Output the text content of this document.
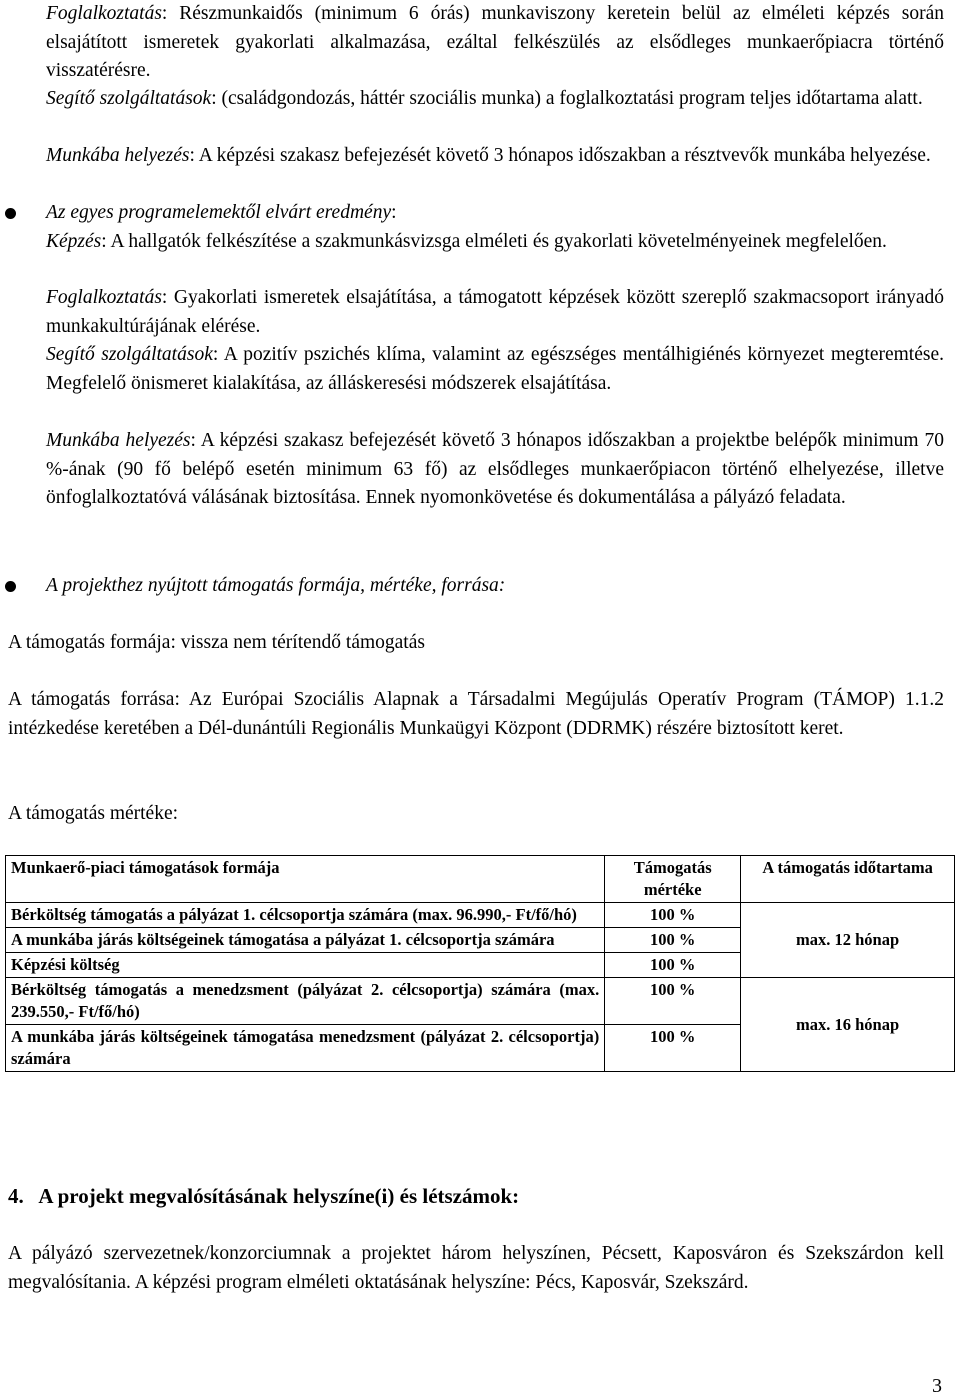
Foglalkoztatás: Részmunkaidős (minimum 6 órás) munkaviszony keretein belül az elméleti képzés során elsajátított ismeretek gyakorlati alkalmazása, ezáltal felkészülés az elsődleges munkaerőpiacra történő visszatérésre.

Segítő szolgáltatások: (családgondozás, háttér szociális munka) a foglalkoztatási program teljes időtartama alatt.

Munkába helyezés: A képzési szakasz befejezését követő 3 hónapos időszakban a résztvevők munkába helyezése.

Az egyes programelemektől elvárt eredmény:

Képzés: A hallgatók felkészítése a szakmunkásvizsga elméleti és gyakorlati követelményeinek megfelelően.

Foglalkoztatás: Gyakorlati ismeretek elsajátítása, a támogatott képzések között szereplő szakmacsoport irányadó munkakultúrájának elérése.

Segítő szolgáltatások: A pozitív pszichés klíma, valamint az egészséges mentálhigiénés környezet megteremtése. Megfelelő önismeret kialakítása, az álláskeresési módszerek elsajátítása.

Munkába helyezés: A képzési szakasz befejezését követő 3 hónapos időszakban a projektbe belépők minimum 70 %-ának (90 fő belépő esetén minimum 63 fő) az elsődleges munkaerőpiacon történő elhelyezése, illetve önfoglalkoztatóvá válásának biztosítása. Ennek nyomonkövetése és dokumentálása a pályázó feladata.

A projekthez nyújtott támogatás formája, mértéke, forrása:

A támogatás formája: vissza nem térítendő támogatás

A támogatás forrása: Az Európai Szociális Alapnak a Társadalmi Megújulás Operatív Program (TÁMOP) 1.1.2 intézkedése keretében a Dél-dunántúli Regionális Munkaügyi Központ (DDRMK) részére biztosított keret.

A támogatás mértéke:

Munkaerő-piaci támogatások formája	Támogatás mértéke	A támogatás időtartama
Bérköltség támogatás a pályázat 1. célcsoportja számára (max. 96.990,- Ft/fő/hó)	100 %	max. 12 hónap
A munkába járás költségeinek támogatása a pályázat 1. célcsoportja számára	100 %	
Képzési költség	100 %	
Bérköltség támogatás a menedzsment (pályázat 2. célcsoportja) számára (max. 239.550,- Ft/fő/hó)	100 %	max. 16 hónap
A munkába járás költségeinek támogatása menedzsment (pályázat 2. célcsoportja) számára	100 %	

4.   A projekt megvalósításának helyszíne(i) és létszámok:

A pályázó szervezetnek/konzorciumnak a projektet három helyszínen, Pécsett, Kaposváron és Szekszárdon kell megvalósítania. A képzési program elméleti oktatásának helyszíne: Pécs, Kaposvár, Szekszárd.

3
